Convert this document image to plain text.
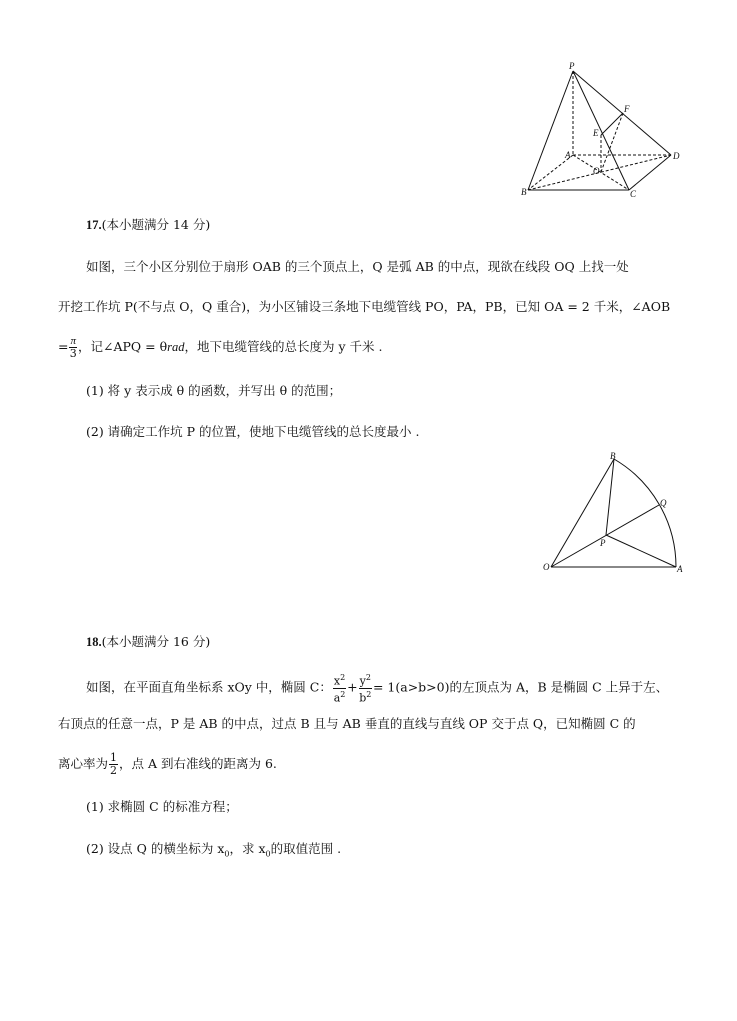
P
F
E
A
O
D
B	C
17.(本小题满分 14 分)
如图，三个小区分别位于扇形 OAB 的三个顶点上，Q 是弧 AB 的中点，现欲在线段 OQ 上找一处
开挖工作坑 P(不与点 O，Q 重合)，为小区铺设三条地下电缆管线 PO，PA，PB，已知 OA = 2 千米，∠AOB
= $\frac{\pi}{3}$ ，记∠APQ = θrad，地下电缆管线的总长度为 y 千米 .
(1) 将 y 表示成 θ 的函数，并写出 θ 的范围；
(2) 请确定工作坑 P 的位置，使地下电缆管线的总长度最小 .
B
Q
P
O	A
18.(本小题满分 16 分)
如图，在平面直角坐标系 xOy 中，椭圆 C： $\frac{x^2}{a^2} + \frac{y^2}{b^2} = 1(a>b>0)$的左顶点为 A，B 是椭圆 C 上异于左、
右顶点的任意一点，P 是 AB 的中点，过点 B 且与 AB 垂直的直线与直线 OP 交于点 Q，已知椭圆 C 的
离心率为 $\frac{1}{2}$ ，点 A 到右准线的距离为 6.
(1) 求椭圆 C 的标准方程；
(2) 设点 Q 的横坐标为 $x_0$，求 $x_0$的取值范围 .
